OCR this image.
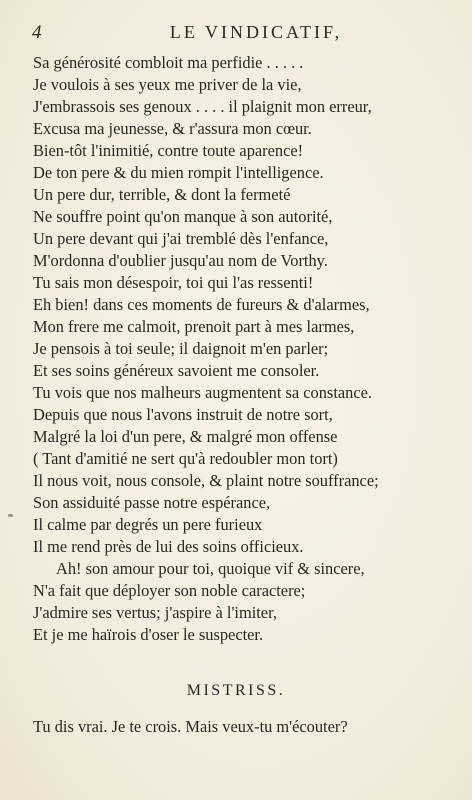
4	LE VINDICATIF,
Sa générosité combloit ma perfidie . . . . .
Je voulois à ses yeux me priver de la vie,
J'embrassois ses genoux . . . . il plaignit mon erreur,
Excusa ma jeunesse, & r'assura mon cœur.
Bien-tôt l'inimitié, contre toute aparence!
De ton pere & du mien rompit l'intelligence.
Un pere dur, terrible, & dont la fermeté
Ne souffre point qu'on manque à son autorité,
Un pere devant qui j'ai tremblé dès l'enfance,
M'ordonna d'oublier jusqu'au nom de Vorthy.
Tu sais mon désespoir, toi qui l'as ressenti!
Eh bien! dans ces moments de fureurs & d'alarmes,
Mon frere me calmoit, prenoit part à mes larmes,
Je pensois à toi seule; il daignoit m'en parler;
Et ses soins généreux savoient me consoler.
Tu vois que nos malheurs augmentent sa constance.
Depuis que nous l'avons instruit de notre sort,
Malgré la loi d'un pere, & malgré mon offense
( Tant d'amitié ne sert qu'à redoubler mon tort)
Il nous voit, nous console, & plaint notre souffrance;
Son assiduité passe notre espérance,
Il calme par degrés un pere furieux
Il me rend près de lui des soins officieux.
Ah! son amour pour toi, quoique vif & sincere,
N'a fait que déployer son noble caractere;
J'admire ses vertus; j'aspire à l'imiter,
Et je me haïrois d'oser le suspecter.
MISTRISS.
Tu dis vrai. Je te crois. Mais veux-tu m'écouter?
